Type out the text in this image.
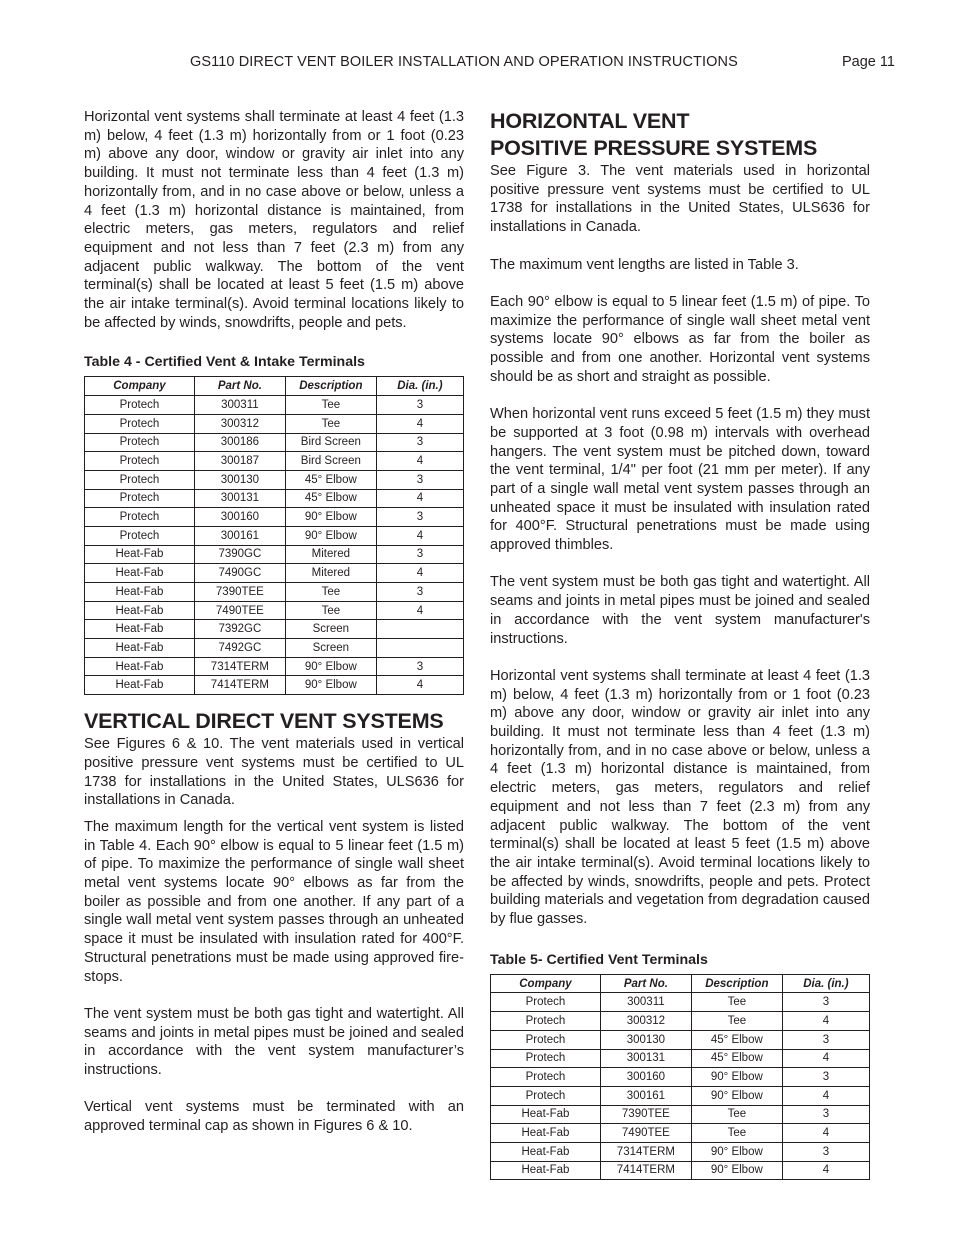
GS110 DIRECT VENT BOILER INSTALLATION AND OPERATION INSTRUCTIONS	Page 11

Horizontal vent systems shall terminate at least 4 feet (1.3 m) below, 4 feet (1.3 m) horizontally from or 1 foot (0.23 m) above any door, window or gravity air inlet into any building. It must not terminate less than 4 feet (1.3 m) horizontally from, and in no case above or below, unless a 4 feet (1.3 m) horizontal distance is maintained, from electric meters, gas meters, regulators and relief equipment and not less than 7 feet (2.3 m) from any adjacent public walkway. The bottom of the vent terminal(s) shall be located at least 5 feet (1.5 m) above the air intake terminal(s). Avoid terminal locations likely to be affected by winds, snowdrifts, people and pets.

Table 4 - Certified Vent & Intake Terminals
Company	Part No.	Description	Dia. (in.)
Protech	300311	Tee	3
Protech	300312	Tee	4
Protech	300186	Bird Screen	3
Protech	300187	Bird Screen	4
Protech	300130	45° Elbow	3
Protech	300131	45° Elbow	4
Protech	300160	90° Elbow	3
Protech	300161	90° Elbow	4
Heat-Fab	7390GC	Mitered	3
Heat-Fab	7490GC	Mitered	4
Heat-Fab	7390TEE	Tee	3
Heat-Fab	7490TEE	Tee	4
Heat-Fab	7392GC	Screen	
Heat-Fab	7492GC	Screen	
Heat-Fab	7314TERM	90° Elbow	3
Heat-Fab	7414TERM	90° Elbow	4
VERTICAL DIRECT VENT SYSTEMS

See Figures 6 & 10. The vent materials used in vertical positive pressure vent systems must be certified to UL 1738 for installations in the United States, ULS636 for installations in Canada.

The maximum length for the vertical vent system is listed in Table 4. Each 90° elbow is equal to 5 linear feet (1.5 m) of pipe. To maximize the performance of single wall sheet metal vent systems locate 90° elbows as far from the boiler as possible and from one another. If any part of a single wall metal vent system passes through an unheated space it must be insulated with insulation rated for 400°F. Structural penetrations must be made using approved fire-stops.

The vent system must be both gas tight and watertight. All seams and joints in metal pipes must be joined and sealed in accordance with the vent system manufacturer’s instructions.

Vertical vent systems must be terminated with an approved terminal cap as shown in Figures 6 & 10.

HORIZONTAL VENT
POSITIVE PRESSURE SYSTEMS

See Figure 3. The vent materials used in horizontal positive pressure vent systems must be certified to UL 1738 for installations in the United States, ULS636 for installations in Canada.

The maximum vent lengths are listed in Table 3.

Each 90° elbow is equal to 5 linear feet (1.5 m) of pipe. To maximize the performance of single wall sheet metal vent systems locate 90° elbows as far from the boiler as possible and from one another. Horizontal vent systems should be as short and straight as possible.

When horizontal vent runs exceed 5 feet (1.5 m) they must be supported at 3 foot (0.98 m) intervals with overhead hangers. The vent system must be pitched down, toward the vent terminal, 1/4" per foot (21 mm per meter). If any part of a single wall metal vent system passes through an unheated space it must be insulated with insulation rated for 400°F. Structural penetrations must be made using approved thimbles.

The vent system must be both gas tight and watertight. All seams and joints in metal pipes must be joined and sealed in accordance with the vent system manufacturer's instructions.

Horizontal vent systems shall terminate at least 4 feet (1.3 m) below, 4 feet (1.3 m) horizontally from or 1 foot (0.23 m) above any door, window or gravity air inlet into any building. It must not terminate less than 4 feet (1.3 m) horizontally from, and in no case above or below, unless a 4 feet (1.3 m) horizontal distance is maintained, from electric meters, gas meters, regulators and relief equipment and not less than 7 feet (2.3 m) from any adjacent public walkway. The bottom of the vent terminal(s) shall be located at least 5 feet (1.5 m) above the air intake terminal(s). Avoid terminal locations likely to be affected by winds, snowdrifts, people and pets. Protect building materials and vegetation from degradation caused by flue gasses.

Table 5- Certified Vent Terminals
Company	Part No.	Description	Dia. (in.)
Protech	300311	Tee	3
Protech	300312	Tee	4
Protech	300130	45° Elbow	3
Protech	300131	45° Elbow	4
Protech	300160	90° Elbow	3
Protech	300161	90° Elbow	4
Heat-Fab	7390TEE	Tee	3
Heat-Fab	7490TEE	Tee	4
Heat-Fab	7314TERM	90° Elbow	3
Heat-Fab	7414TERM	90° Elbow	4
